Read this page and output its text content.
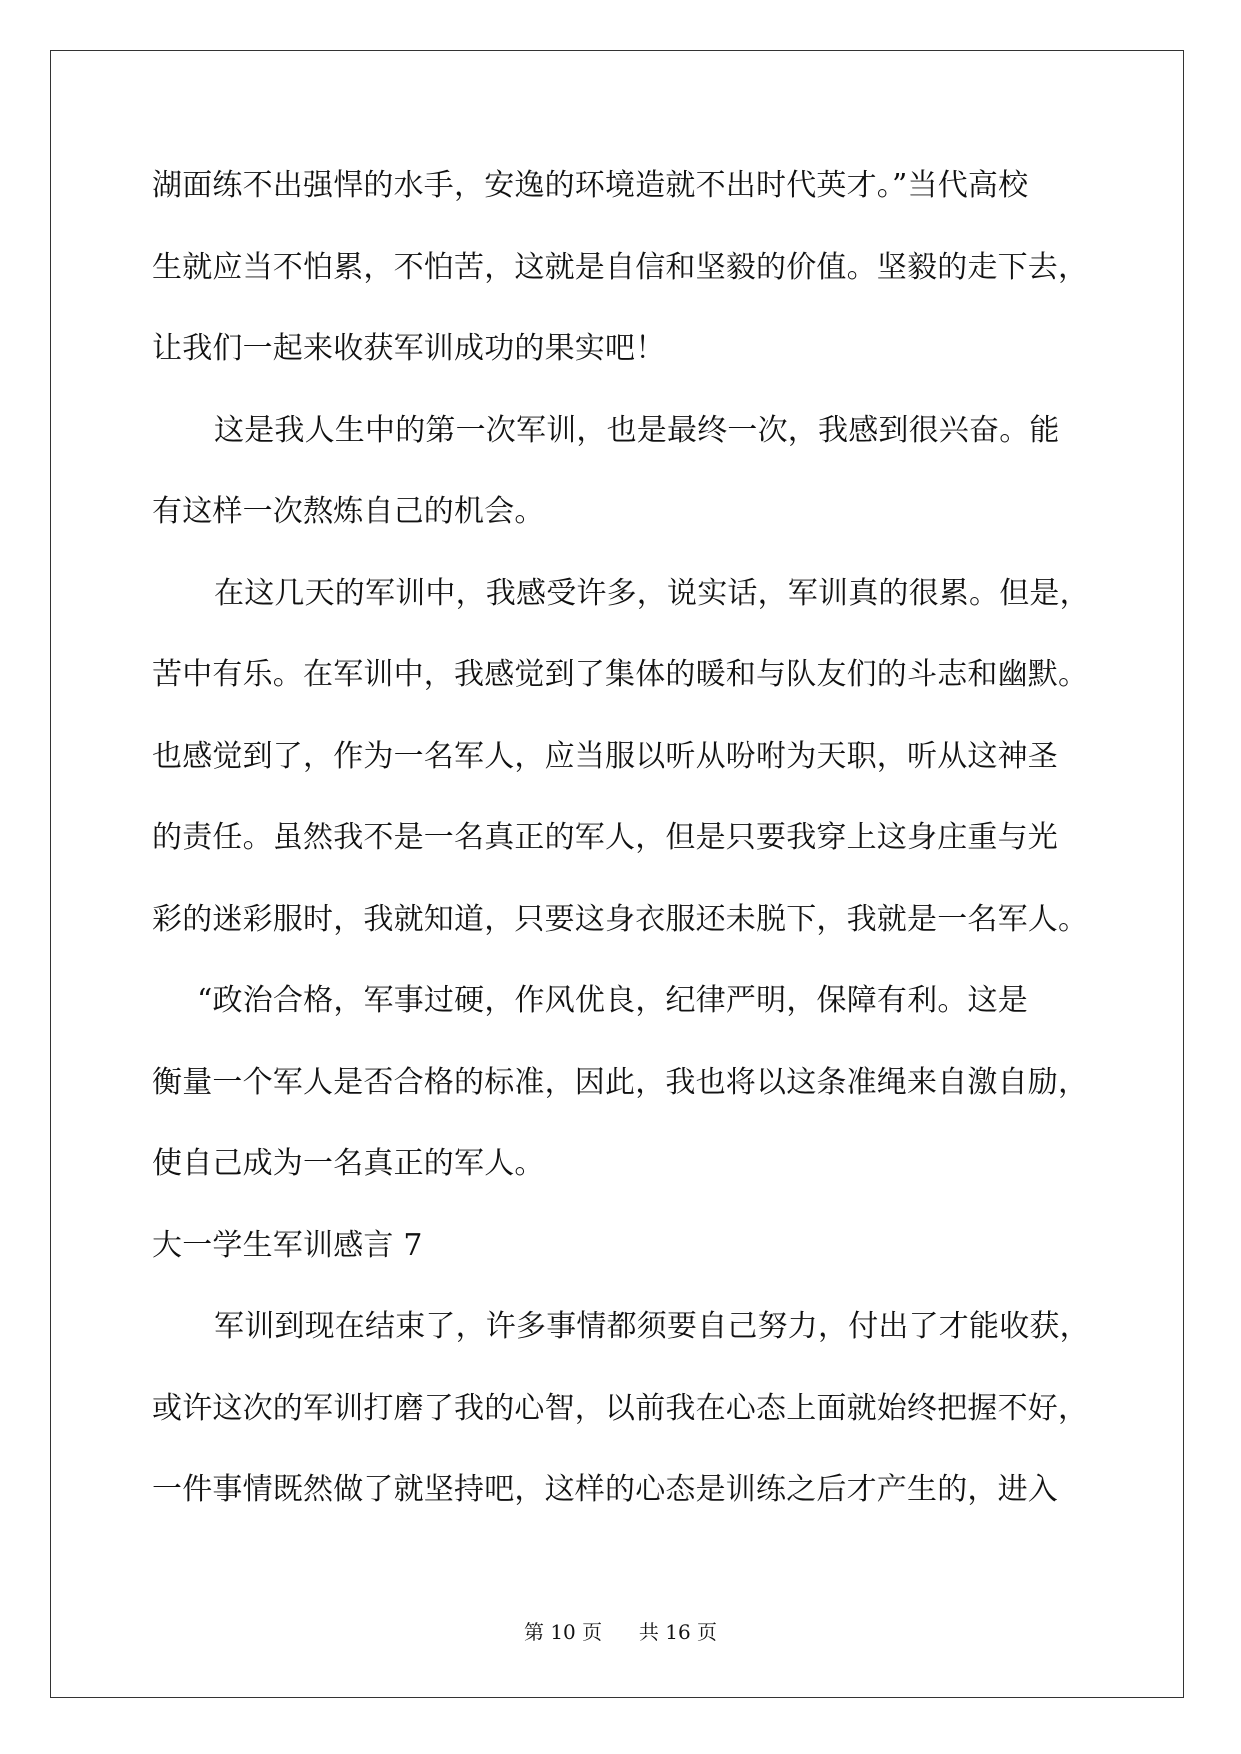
湖面练不出强悍的水手，安逸的环境造就不出时代英才。”当代高校
生就应当不怕累，不怕苦，这就是自信和坚毅的价值。坚毅的走下去，
让我们一起来收获军训成功的果实吧！
这是我人生中的第一次军训，也是最终一次，我感到很兴奋。能
有这样一次熬炼自己的机会。
在这几天的军训中，我感受许多，说实话，军训真的很累。但是，
苦中有乐。在军训中，我感觉到了集体的暖和与队友们的斗志和幽默。
也感觉到了，作为一名军人，应当服以听从吩咐为天职，听从这神圣
的责任。虽然我不是一名真正的军人，但是只要我穿上这身庄重与光
彩的迷彩服时，我就知道，只要这身衣服还未脱下，我就是一名军人。
“政治合格，军事过硬，作风优良，纪律严明，保障有利。这是
衡量一个军人是否合格的标准，因此，我也将以这条准绳来自激自励，
使自己成为一名真正的军人。
大一学生军训感言 7
军训到现在结束了，许多事情都须要自己努力，付出了才能收获，
或许这次的军训打磨了我的心智，以前我在心态上面就始终把握不好，
一件事情既然做了就坚持吧，这样的心态是训练之后才产生的，进入
第 10 页 共 16 页
